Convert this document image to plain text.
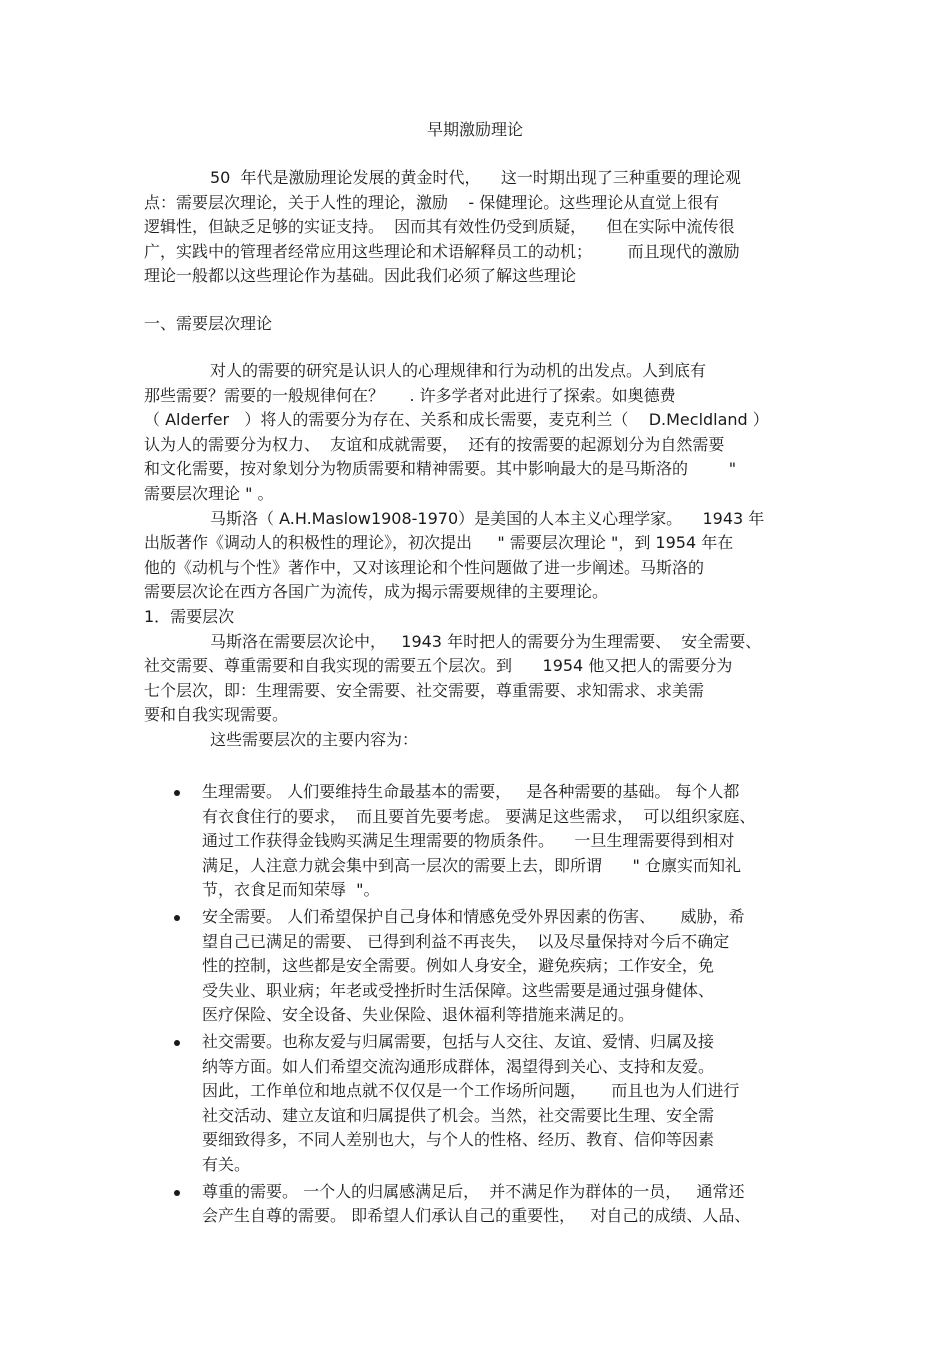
早期激励理论
50  年代是激励理论发展的黄金时代，    这一时期出现了三种重要的理论观
点：需要层次理论，关于人性的理论，激励    - 保健理论。这些理论从直觉上很有
逻辑性，但缺乏足够的实证支持。  因而其有效性仍受到质疑，    但在实际中流传很
广，实践中的管理者经常应用这些理论和术语解释员工的动机；       而且现代的激励
理论一般都以这些理论作为基础。因此我们必须了解这些理论
一、需要层次理论
对人的需要的研究是认识人的心理规律和行为动机的出发点。人到底有
那些需要？需要的一般规律何在？     . 许多学者对此进行了探索。如奥德费
（ Alderfer   ）将人的需要分为存在、关系和成长需要，麦克利兰（    D.Mecldland ）
认为人的需要分为权力、  友谊和成就需要，  还有的按需要的起源划分为自然需要
和文化需要，按对象划分为物质需要和精神需要。其中影响最大的是马斯洛的        "
需要层次理论 " 。
马斯洛（ A.H.Maslow1908-1970）是美国的人本主义心理学家。    1943 年
出版著作《调动人的积极性的理论》，初次提出     " 需要层次理论 "，到 1954 年在
他的《动机与个性》著作中，又对该理论和个性问题做了进一步阐述。马斯洛的
需要层次论在西方各国广为流传，成为揭示需要规律的主要理论。
1．需要层次
马斯洛在需要层次论中，   1943 年时把人的需要分为生理需要、  安全需要、
社交需要、尊重需要和自我实现的需要五个层次。到      1954 他又把人的需要分为
七个层次，即：生理需要、安全需要、社交需要，尊重需要、求知需求、求美需
要和自我实现需要。
这些需要层次的主要内容为：
生理需要。 人们要维持生命最基本的需要，   是各种需要的基础。 每个人都
有衣食住行的要求，  而且要首先要考虑。 要满足这些需求，  可以组织家庭、
通过工作获得金钱购买满足生理需要的物质条件。    一旦生理需要得到相对
满足，人注意力就会集中到高一层次的需要上去，即所谓      " 仓廪实而知礼
节，衣食足而知荣辱  "。
安全需要。 人们希望保护自己身体和情感免受外界因素的伤害、     威胁，希
望自己已满足的需要、 已得到利益不再丧失，  以及尽量保持对今后不确定
性的控制，这些都是安全需要。例如人身安全，避免疾病；工作安全，免
受失业、职业病；年老或受挫折时生活保障。这些需要是通过强身健体、
医疗保险、安全设备、失业保险、退休福利等措施来满足的。
社交需要。也称友爱与归属需要，包括与人交往、友谊、爱情、归属及接
纳等方面。如人们希望交流沟通形成群体，渴望得到关心、支持和友爱。
因此，工作单位和地点就不仅仅是一个工作场所问题，     而且也为人们进行
社交活动、建立友谊和归属提供了机会。当然，社交需要比生理、安全需
要细致得多，不同人差别也大，与个人的性格、经历、教育、信仰等因素
有关。
尊重的需要。 一个人的归属感满足后，  并不满足作为群体的一员，   通常还
会产生自尊的需要。 即希望人们承认自己的重要性，   对自己的成绩、人品、
